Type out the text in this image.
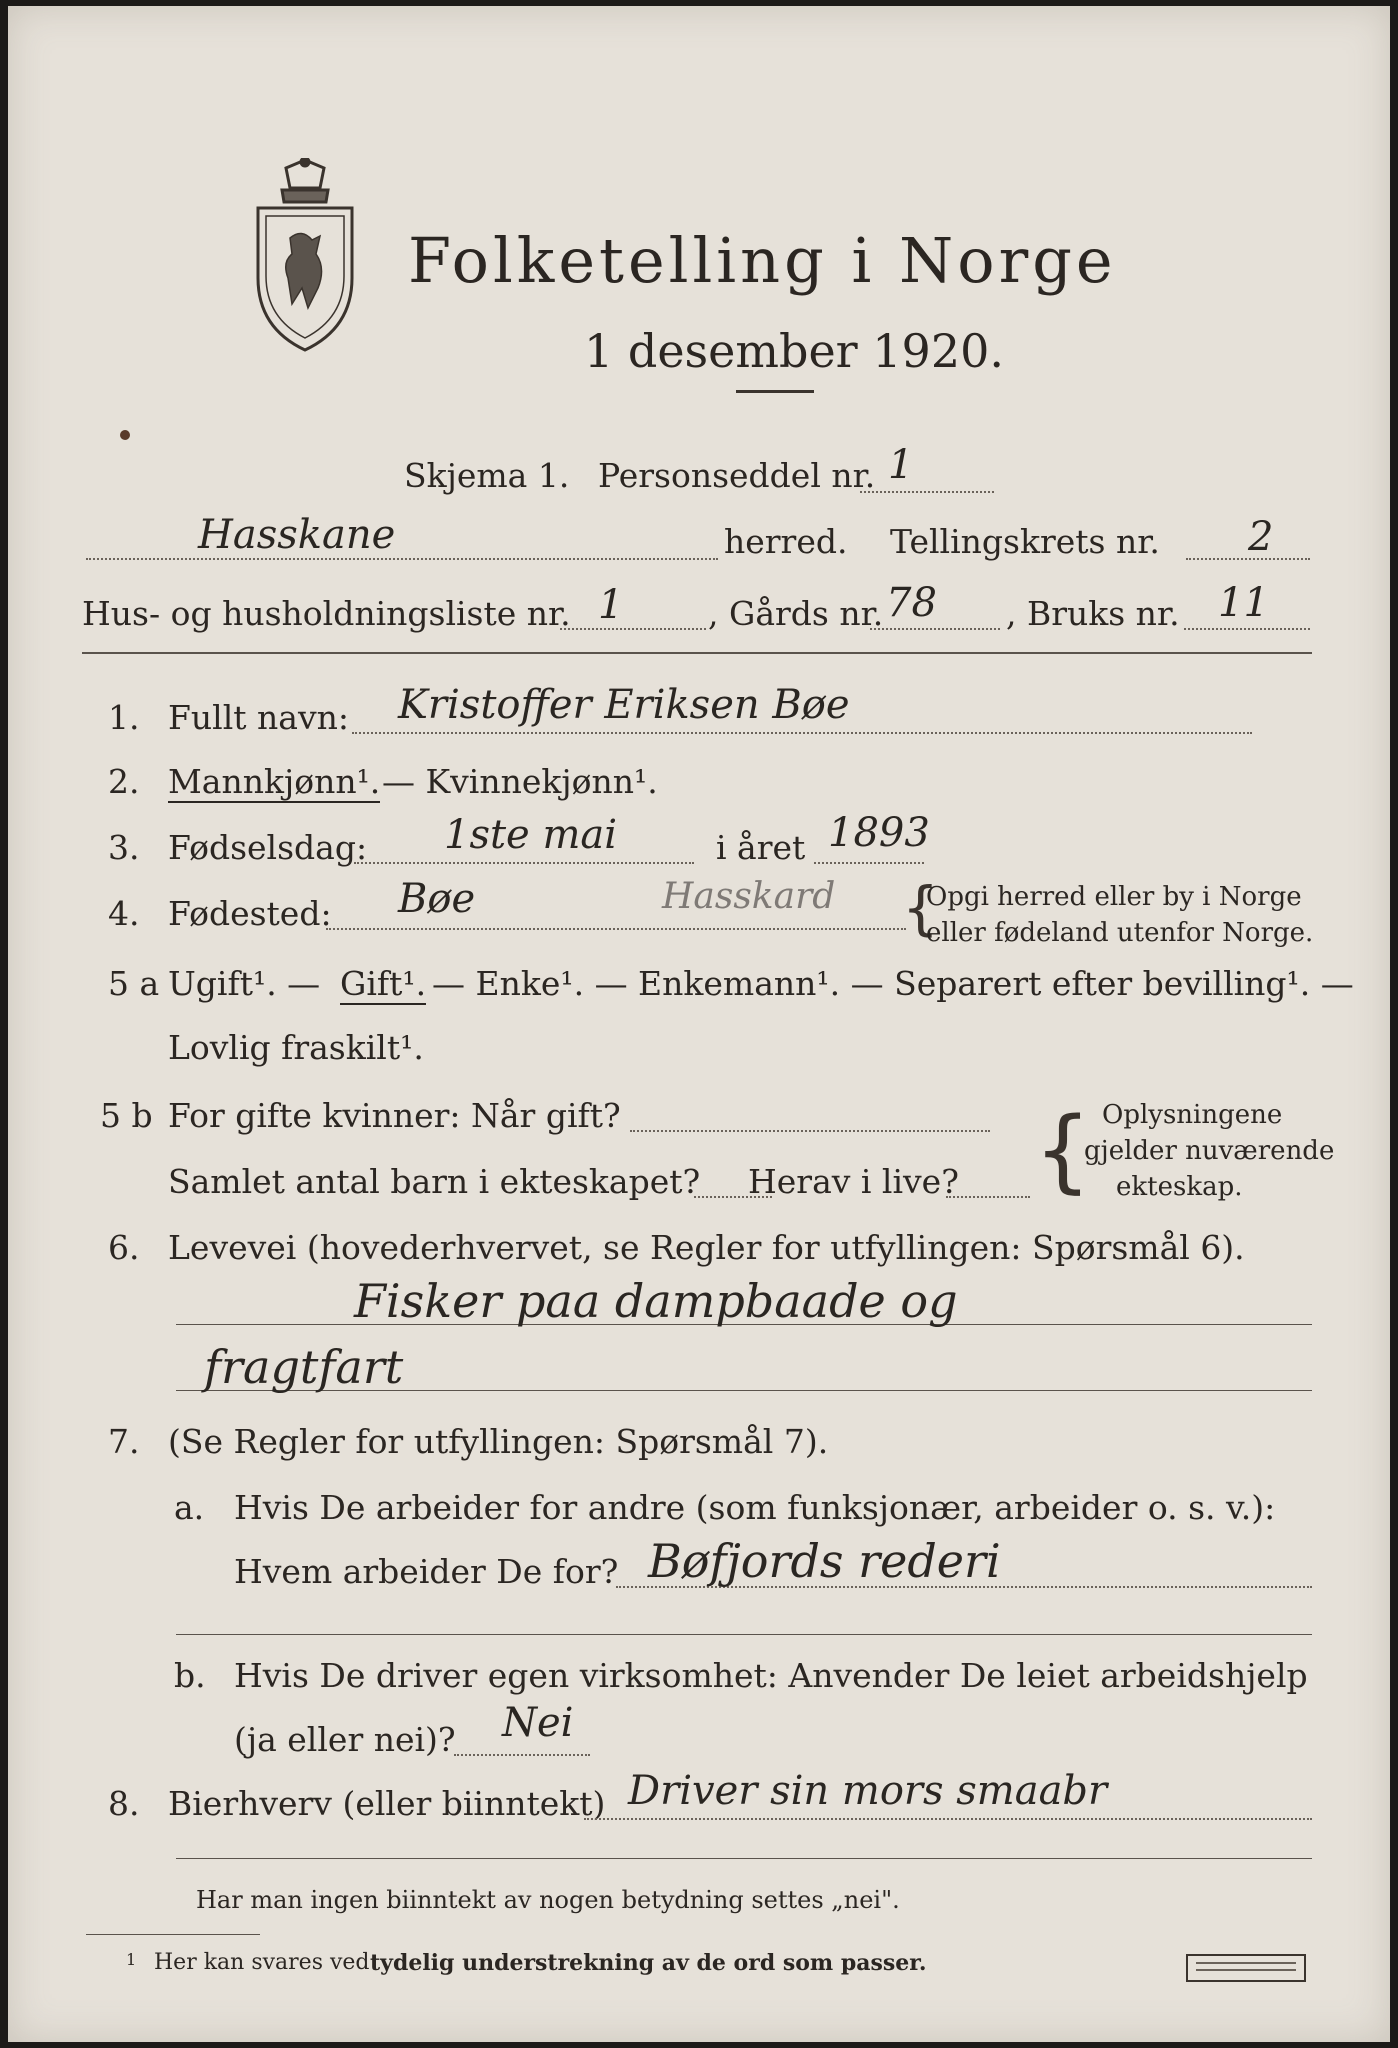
Folketelling i Norge
1 desember 1920.
Skjema 1. Personseddel nr. 1
Hasskane	herred. Tellingskrets nr. 2
Hus- og husholdningsliste nr. 1	, Gårds nr. 78 , Bruks nr. 11
1. Fullt navn: Kristoffer Eriksen Bøe
2. Mannkjønn¹. — Kvinnekjønn¹.
3. Fødselsdag: 1ste mai	i året 1893
4. Fødested: Bøe	Hasskard {
Opgi herred eller by i Norge
eller fødeland utenfor Norge.
5 a Ugift¹. — Gift¹. — Enke¹. — Enkemann¹. — Separert efter bevilling¹. —
Lovlig fraskilt¹.
5 b For gifte kvinner: Når gift?
Samlet antal barn i ekteskapet? Herav i live? { Oplysningene
gjelder nuværende
ekteskap.
6. Levevei (hovederhvervet, se Regler for utfyllingen: Spørsmål 6).
Fisker paa dampbaade og
fragtfart
7. (Se Regler for utfyllingen: Spørsmål 7).
a. Hvis De arbeider for andre (som funksjonær, arbeider o. s. v.):
Hvem arbeider De for? Bøfjords rederi
b. Hvis De driver egen virksomhet: Anvender De leiet arbeidshjelp
(ja eller nei)? Nei
8. Bierhverv (eller biinntekt) Driver sin mors smaabr
Har man ingen biinntekt av nogen betydning settes „nei".
1 Her kan svares ved tydelig understrekning av de ord som passer.
